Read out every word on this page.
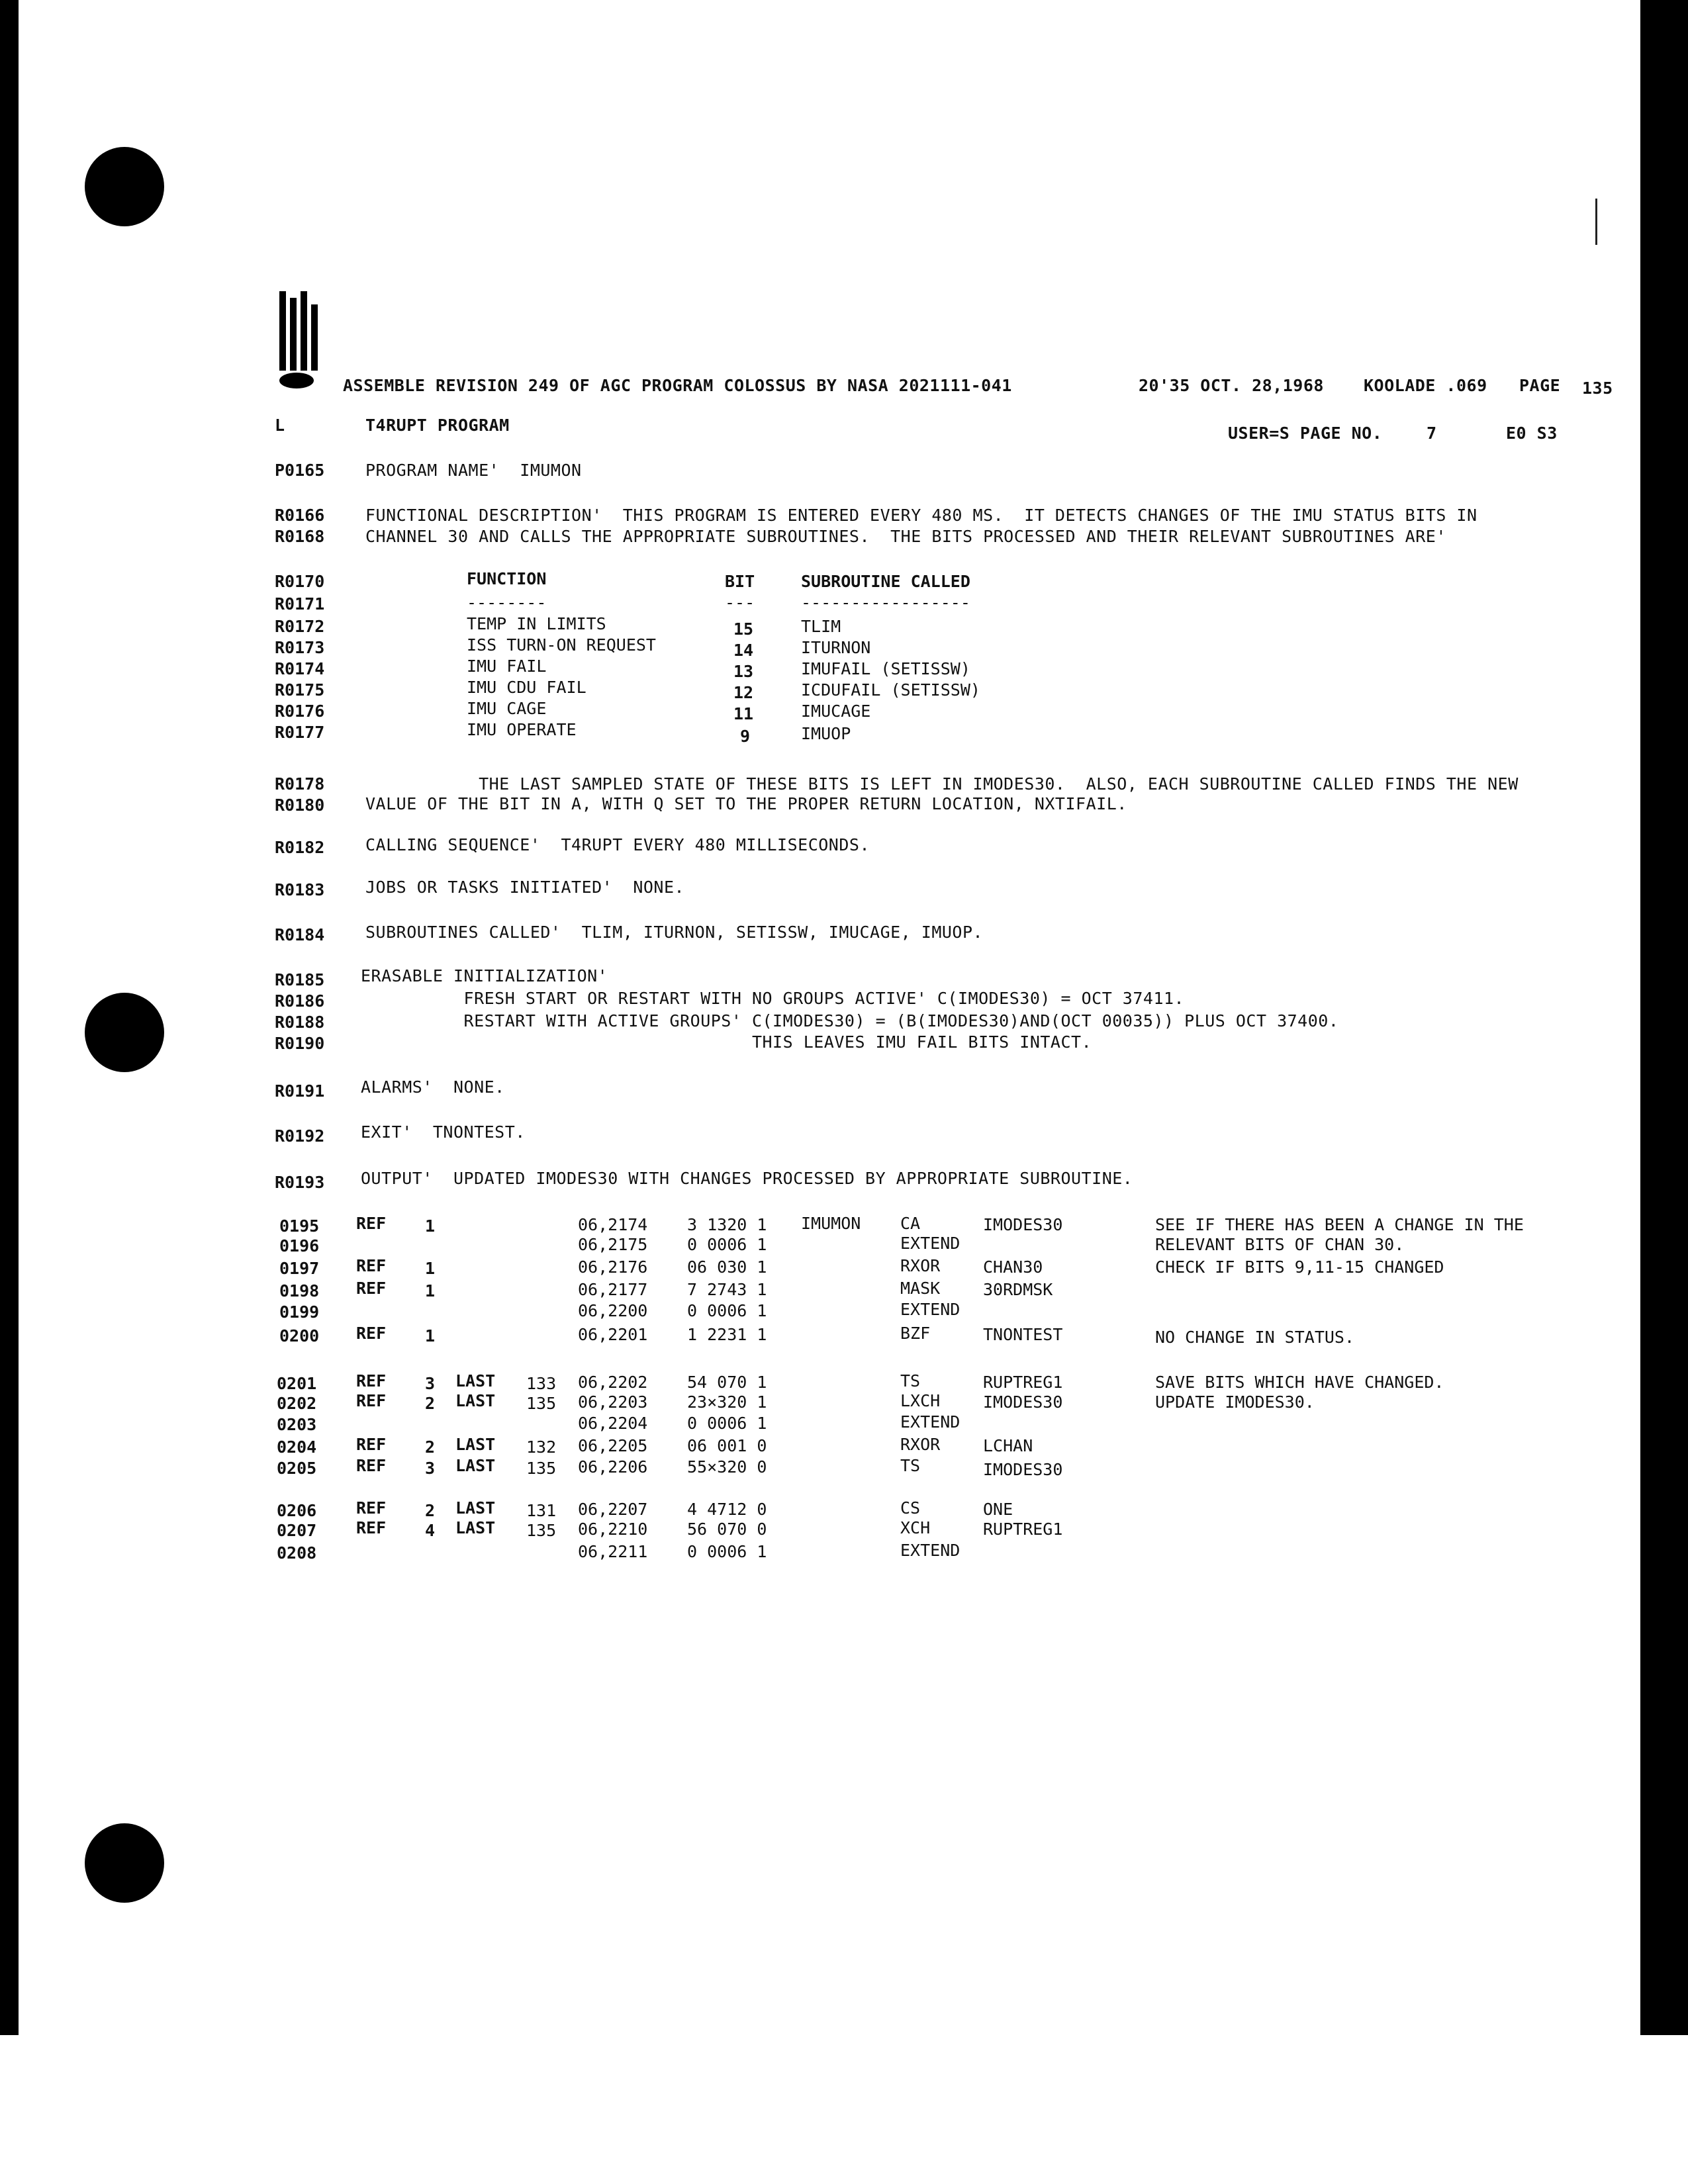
ASSEMBLE REVISION 249 OF AGC PROGRAM COLOSSUS BY NASA 2021111-041	20'35 OCT. 28,1968 KOOLADE .069 PAGE 135
L	T4RUPT PROGRAM	USER=S PAGE NO.	7	E0 S3
P0165 PROGRAM NAME'  IMUMON
R0166 FUNCTIONAL DESCRIPTION'  THIS PROGRAM IS ENTERED EVERY 480 MS.  IT DETECTS CHANGES OF THE IMU STATUS BITS IN
R0168 CHANNEL 30 AND CALLS THE APPROPRIATE SUBROUTINES.  THE BITS PROCESSED AND THEIR RELEVANT SUBROUTINES ARE'
R0170	FUNCTION	BIT	SUBROUTINE CALLED
R0171	--------	---	-----------------
R0172	TEMP IN LIMITS	15	TLIM
R0173	ISS TURN-ON REQUEST	14	ITURNON
R0174	IMU FAIL	13	IMUFAIL (SETISSW)
R0175	IMU CDU FAIL	12	ICDUFAIL (SETISSW)
R0176	IMU CAGE	11	IMUCAGE
R0177	IMU OPERATE	9	IMUOP
R0178 THE LAST SAMPLED STATE OF THESE BITS IS LEFT IN IMODES30.  ALSO, EACH SUBROUTINE CALLED FINDS THE NEW
R0180 VALUE OF THE BIT IN A, WITH Q SET TO THE PROPER RETURN LOCATION, NXTIFAIL.
R0182 CALLING SEQUENCE'  T4RUPT EVERY 480 MILLISECONDS.
R0183 JOBS OR TASKS INITIATED'  NONE.
R0184 SUBROUTINES CALLED'  TLIM, ITURNON, SETISSW, IMUCAGE, IMUOP.
R0185 ERASABLE INITIALIZATION'
R0186 FRESH START OR RESTART WITH NO GROUPS ACTIVE' C(IMODES30) = OCT 37411.
R0188 RESTART WITH ACTIVE GROUPS' C(IMODES30) = (B(IMODES30)AND(OCT 00035)) PLUS OCT 37400.
R0190 THIS LEAVES IMU FAIL BITS INTACT.
R0191 ALARMS'  NONE.
R0192 EXIT'  TNONTEST.
R0193 OUTPUT'  UPDATED IMODES30 WITH CHANGES PROCESSED BY APPROPRIATE SUBROUTINE.
0195 REF 1	06,2174 3 1320 1 IMUMON CA	IMODES30	SEE IF THERE HAS BEEN A CHANGE IN THE
0196	06,2175 0 0006 1	EXTEND	RELEVANT BITS OF CHAN 30.
0197 REF 1	06,2176 06 030 1	RXOR	CHAN30	CHECK IF BITS 9,11-15 CHANGED
0198 REF 1	06,2177 7 2743 1	MASK	30RDMSK
0199	06,2200 0 0006 1	EXTEND
0200 REF 1	06,2201 1 2231 1	BZF	TNONTEST	NO CHANGE IN STATUS.
0201 REF 3 LAST 133 06,2202 54 070 1	TS	RUPTREG1	SAVE BITS WHICH HAVE CHANGED.
0202 REF 2 LAST 135 06,2203 23×320 1	LXCH	IMODES30	UPDATE IMODES30.
0203	06,2204 0 0006 1	EXTEND
0204 REF 2 LAST 132 06,2205 06 001 0	RXOR	LCHAN
0205 REF 3 LAST 135 06,2206 55×320 0	TS	IMODES30
0206 REF 2 LAST 131 06,2207 4 4712 0	CS	ONE
0207 REF 4 LAST 135 06,2210 56 070 0	XCH	RUPTREG1
0208	06,2211 0 0006 1	EXTEND
